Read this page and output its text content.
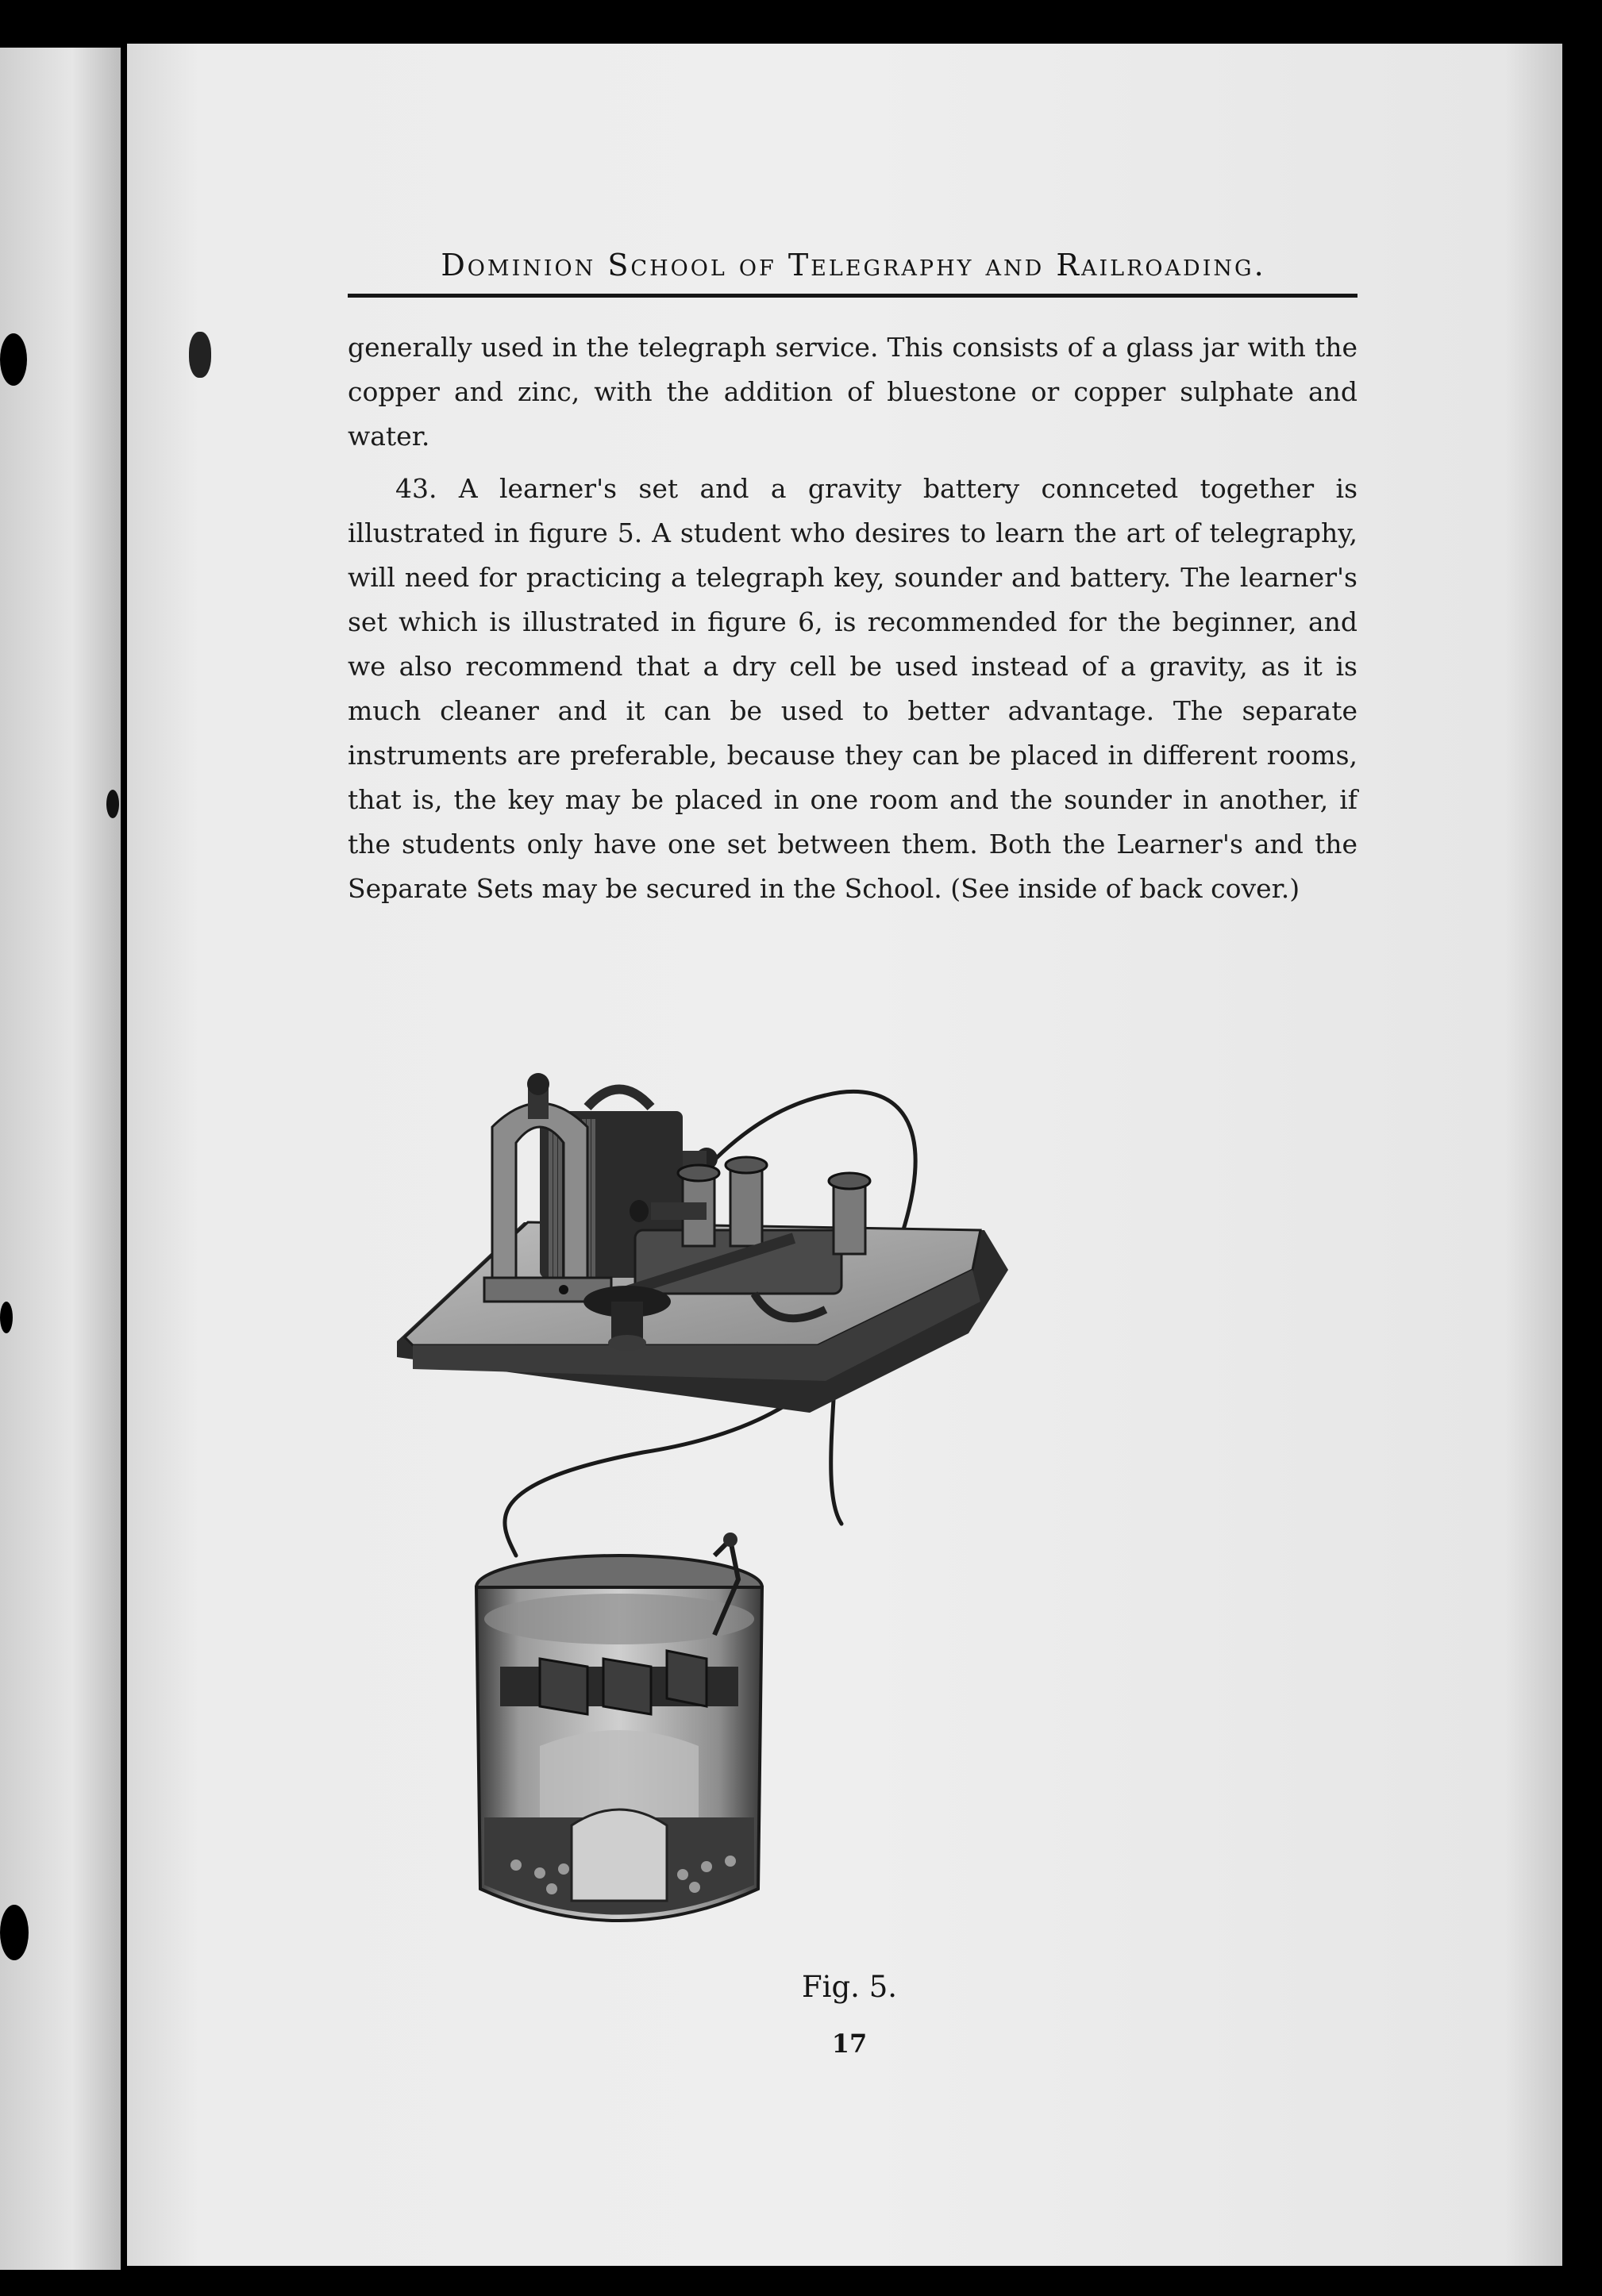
Dominion School of Telegraphy and Railroading.

generally used in the telegraph service. This consists of a glass jar with the copper and zinc, with the addition of bluestone or copper sulphate and water.

43. A learner's set and a gravity battery connceted together is illustrated in figure 5. A student who desires to learn the art of telegraphy, will need for practicing a telegraph key, sounder and battery. The learner's set which is illustrated in figure 6, is recommended for the beginner, and we also recommend that a dry cell be used instead of a gravity, as it is much cleaner and it can be used to better advantage. The separate instruments are preferable, because they can be placed in different rooms, that is, the key may be placed in one room and the sounder in another, if the students only have one set between them. Both the Learner's and the Separate Sets may be secured in the School. (See inside of back cover.)

Fig. 5.
17
